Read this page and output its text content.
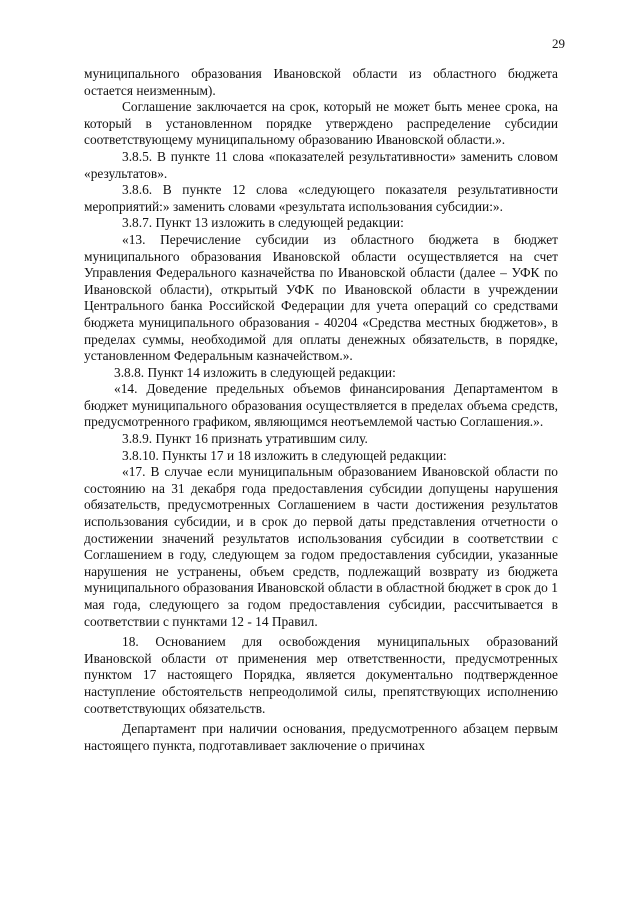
29

муниципального образования Ивановской области из областного бюджета остается неизменным).

Соглашение заключается на срок, который не может быть менее срока, на который в установленном порядке утверждено распределение субсидии соответствующему муниципальному образованию Ивановской области.».

3.8.5. В пункте 11 слова «показателей результативности» заменить словом «результатов».

3.8.6. В пункте 12 слова «следующего показателя результативности мероприятий:» заменить словами «результата использования субсидии:».

3.8.7. Пункт 13 изложить в следующей редакции:

«13. Перечисление субсидии из областного бюджета в бюджет муниципального образования Ивановской области осуществляется на счет Управления Федерального казначейства по Ивановской области (далее – УФК по Ивановской области), открытый УФК по Ивановской области в учреждении Центрального банка Российской Федерации для учета операций со средствами бюджета муниципального образования - 40204 «Средства местных бюджетов», в пределах суммы, необходимой для оплаты денежных обязательств, в порядке, установленном Федеральным казначейством.».

3.8.8. Пункт 14 изложить в следующей редакции:

«14. Доведение предельных объемов финансирования Департаментом в бюджет муниципального образования осуществляется в пределах объема средств, предусмотренного графиком, являющимся неотъемлемой частью Соглашения.».

3.8.9. Пункт 16 признать утратившим силу.

3.8.10. Пункты 17 и 18 изложить в следующей редакции:

«17. В случае если муниципальным образованием Ивановской области по состоянию на 31 декабря года предоставления субсидии допущены нарушения обязательств, предусмотренных Соглашением в части достижения результатов использования субсидии, и в срок до первой даты представления отчетности о достижении значений результатов использования субсидии в соответствии с Соглашением в году, следующем за годом предоставления субсидии, указанные нарушения не устранены, объем средств, подлежащий возврату из бюджета муниципального образования Ивановской области в областной бюджет в срок до 1 мая года, следующего за годом предоставления субсидии, рассчитывается в соответствии с пунктами 12 - 14 Правил.

18. Основанием для освобождения муниципальных образований Ивановской области от применения мер ответственности, предусмотренных пунктом 17 настоящего Порядка, является документально подтвержденное наступление обстоятельств непреодолимой силы, препятствующих исполнению соответствующих обязательств.

Департамент при наличии основания, предусмотренного абзацем первым настоящего пункта, подготавливает заключение о причинах
